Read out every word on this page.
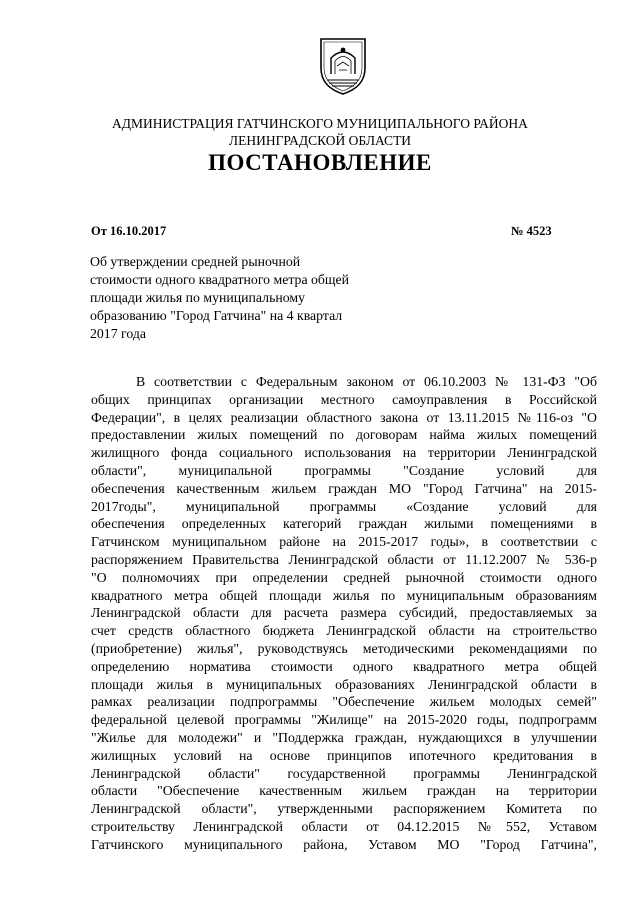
АДМИНИСТРАЦИЯ ГАТЧИНСКОГО МУНИЦИПАЛЬНОГО РАЙОНА
ЛЕНИНГРАДСКОЙ ОБЛАСТИ
ПОСТАНОВЛЕНИЕ
От 16.10.2017	№ 4523
Об утверждении средней рыночной
стоимости одного квадратного метра общей
площади жилья по муниципальному
образованию "Город Гатчина" на 4 квартал
2017 года
В соответствии с Федеральным законом от 06.10.2003 № 131-ФЗ "Об
общих принципах организации местного самоуправления в Российской
Федерации", в целях реализации областного закона от 13.11.2015 №116-оз "О
предоставлении жилых помещений по договорам найма жилых помещений
жилищного фонда социального использования на территории Ленинградской
области", муниципальной программы "Создание условий для
обеспечения качественным жильем граждан МО "Город Гатчина" на 2015-
2017годы", муниципальной программы «Создание условий для
обеспечения определенных категорий граждан жилыми помещениями в
Гатчинском муниципальном районе на 2015-2017 годы», в соответствии с
распоряжением Правительства Ленинградской области от 11.12.2007 № 536-р
"О полномочиях при определении средней рыночной стоимости одного
квадратного метра общей площади жилья по муниципальным образованиям
Ленинградской области для расчета размера субсидий, предоставляемых за
счет средств областного бюджета Ленинградской области на строительство
(приобретение) жилья", руководствуясь методическими рекомендациями по
определению норматива стоимости одного квадратного метра общей
площади жилья в муниципальных образованиях Ленинградской области в
рамках реализации подпрограммы "Обеспечение жильем молодых семей"
федеральной целевой программы "Жилище" на 2015-2020 годы, подпрограмм
"Жилье для молодежи" и "Поддержка граждан, нуждающихся в улучшении
жилищных условий на основе принципов ипотечного кредитования в
Ленинградской области" государственной программы Ленинградской
области "Обеспечение качественным жильем граждан на территории
Ленинградской области", утвержденными распоряжением Комитета по
строительству Ленинградской области от 04.12.2015 №552, Уставом
Гатчинского муниципального района, Уставом МО "Город Гатчина",
